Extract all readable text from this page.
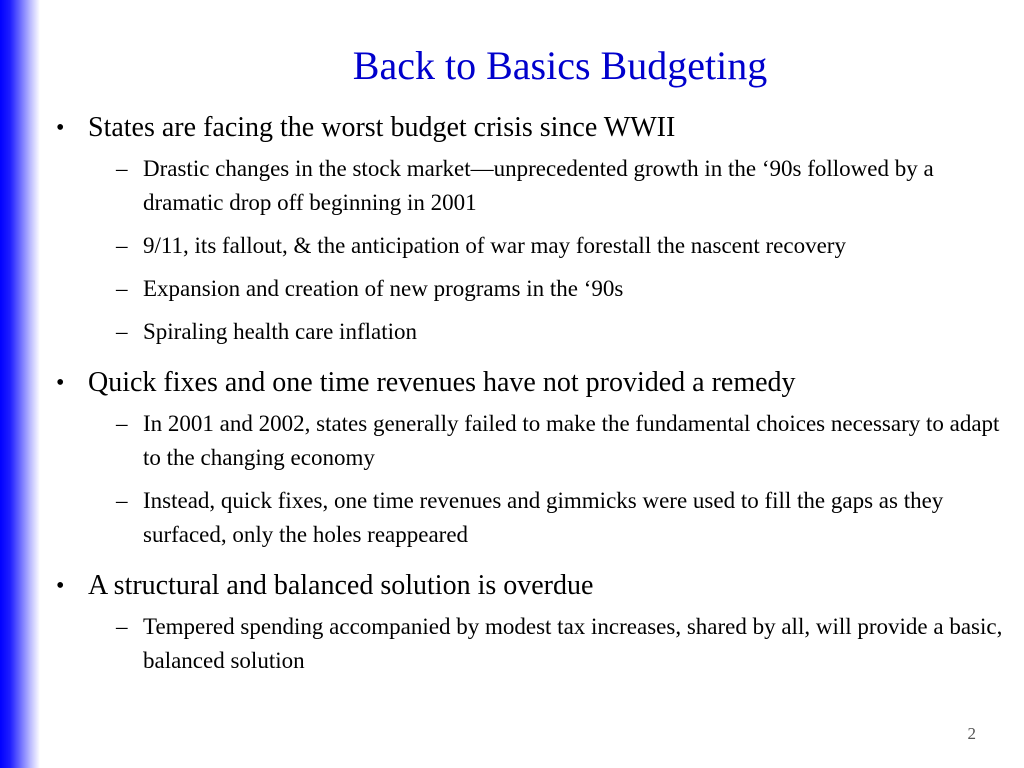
Back to Basics Budgeting

• States are facing the worst budget crisis since WWII

– Drastic changes in the stock market—unprecedented growth in the ‘90s followed by a dramatic drop off beginning in 2001
– 9/11, its fallout, & the anticipation of war may forestall the nascent recovery
– Expansion and creation of new programs in the ‘90s
– Spiraling health care inflation

• Quick fixes and one time revenues have not provided a remedy

– In 2001 and 2002, states generally failed to make the fundamental choices necessary to adapt to the changing economy
– Instead, quick fixes, one time revenues and gimmicks were used to fill the gaps as they surfaced, only the holes reappeared

• A structural and balanced solution is overdue

– Tempered spending accompanied by modest tax increases, shared by all, will provide a basic, balanced solution
2
